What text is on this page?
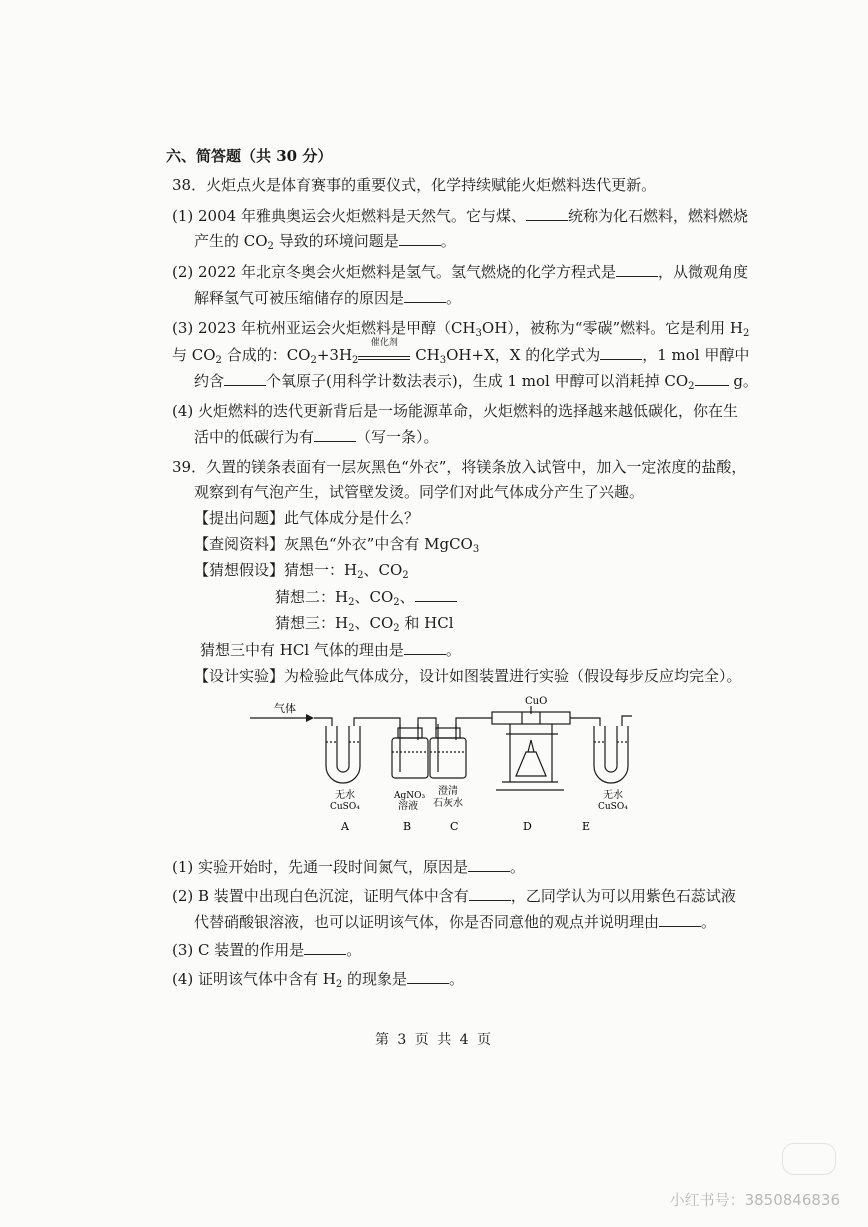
六、简答题（共 30 分）
38．火炬点火是体育赛事的重要仪式，化学持续赋能火炬燃料迭代更新。
(1) 2004 年雅典奥运会火炬燃料是天然气。它与煤、	统称为化石燃料，燃料燃烧
产生的 $CO_2$ 导致的环境问题是	。
(2) 2022 年北京冬奥会火炬燃料是氢气。氢气燃烧的化学方程式是	，从微观角度
解释氢气可被压缩储存的原因是	。
(3) 2023 年杭州亚运会火炬燃料是甲醇$(CH_3OH)$，被称为“零碳”燃料。它是利用 $H_2$
与 $CO_2$ 合成的：$CO_2+3H_2$
催化剂
$CH_3OH+X$，X 的化学式为	，1 mol 甲醇中
约含	个氧原子(用科学计数法表示)，生成 1 mol 甲醇可以消耗掉 $CO_2$ g。
(4) 火炬燃料的迭代更新背后是一场能源革命，火炬燃料的选择越来越低碳化，你在生
活中的低碳行为有	（写一条）。
39．久置的镁条表面有一层灰黑色“外衣”，将镁条放入试管中，加入一定浓度的盐酸，
观察到有气泡产生，试管壁发烫。同学们对此气体成分产生了兴趣。
【提出问题】此气体成分是什么？
【查阅资料】灰黑色“外衣”中含有 MgCO$_3$
【猜想假设】猜想一：$H_2$、$CO_2$
猜想二：$H_2$、$CO_2$、
猜想三：$H_2$、$CO_2$ 和 HCl
猜想三中有 HCl 气体的理由是	。
【设计实验】为检验此气体成分，设计如图装置进行实验（假设每步反应均完全）。
气体
CuO
无水
CuSO₄
AgNO₃
溶液
澄清
石灰水
无水
CuSO₄
A	B	C	D	E
(1) 实验开始时，先通一段时间氮气，原因是	。
(2) B 装置中出现白色沉淀，证明气体中含有	，乙同学认为可以用紫色石蕊试液
代替硝酸银溶液，也可以证明该气体，你是否同意他的观点并说明理由	。
(3) C 装置的作用是	。
(4) 证明该气体中含有 $H_2$ 的现象是	。
第 3 页 共 4 页
小红书号：3850846836
